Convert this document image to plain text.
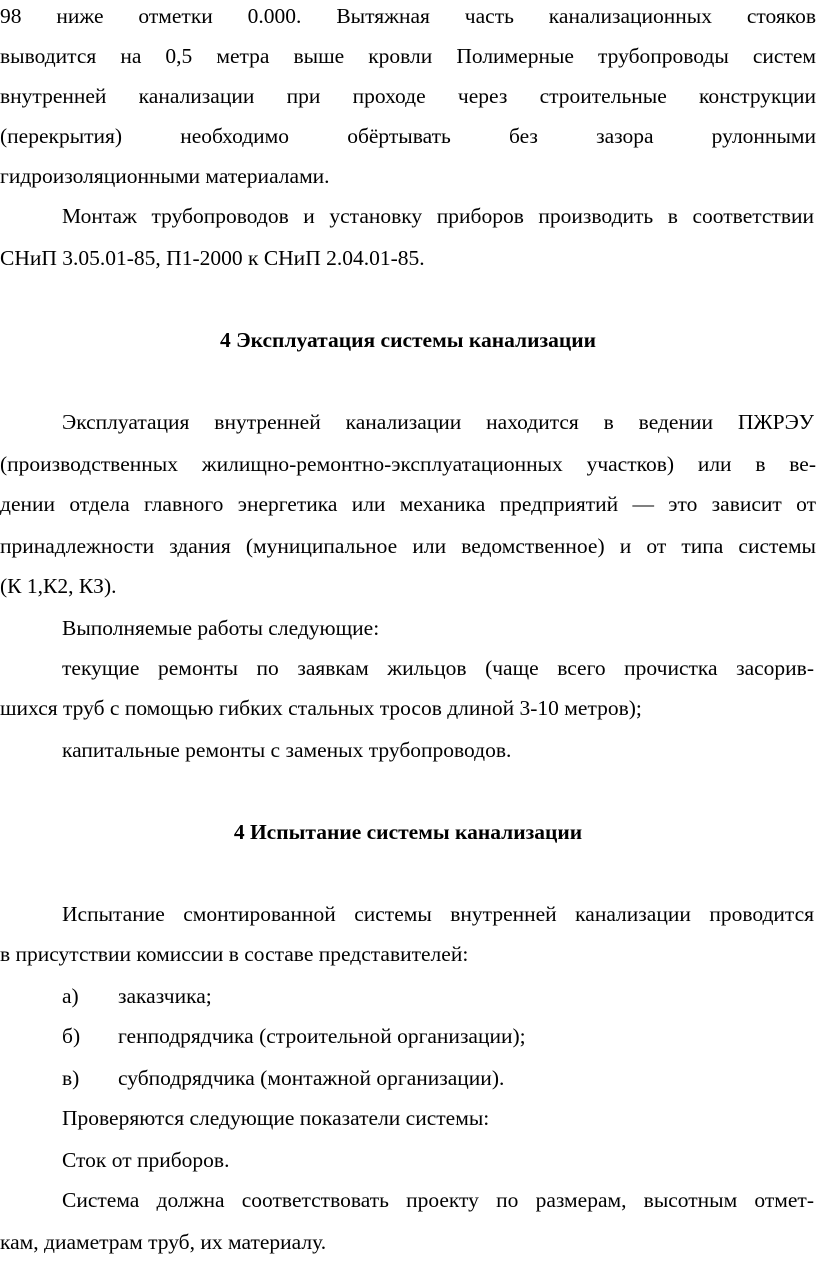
98 ниже отметки 0.000. Вытяжная часть канализационных стояков
выводится на 0,5 метра выше кровли Полимерные трубопроводы систем
внутренней канализации при проходе через строительные конструкции
(перекрытия) необходимо обёртывать без зазора рулонными
гидроизоляционными материалами.
Монтаж трубопроводов и установку приборов производить в соответствии
СНиП 3.05.01-85, П1-2000 к СНиП 2.04.01-85.
4 Эксплуатация системы канализации
Эксплуатация внутренней канализации находится в ведении ПЖРЭУ
(производственных жилищно-ремонтно-эксплуатационных участков) или в ве-
дении отдела главного энергетика или механика предприятий — это зависит от
принадлежности здания (муниципальное или ведомственное) и от типа системы
(К 1,К2, КЗ).
Выполняемые работы следующие:
текущие ремонты по заявкам жильцов (чаще всего прочистка засорив-
шихся труб с помощью гибких стальных тросов длиной 3-10 метров);
капитальные ремонты с заменых трубопроводов.
4 Испытание системы канализации
Испытание смонтированной системы внутренней канализации проводится
в присутствии комиссии в составе представителей:
а) заказчика;
б) генподрядчика (строительной организации);
в) субподрядчика (монтажной организации).
Проверяются следующие показатели системы:
Сток от приборов.
Система должна соответствовать проекту по размерам, высотным отмет-
кам, диаметрам труб, их материалу.
